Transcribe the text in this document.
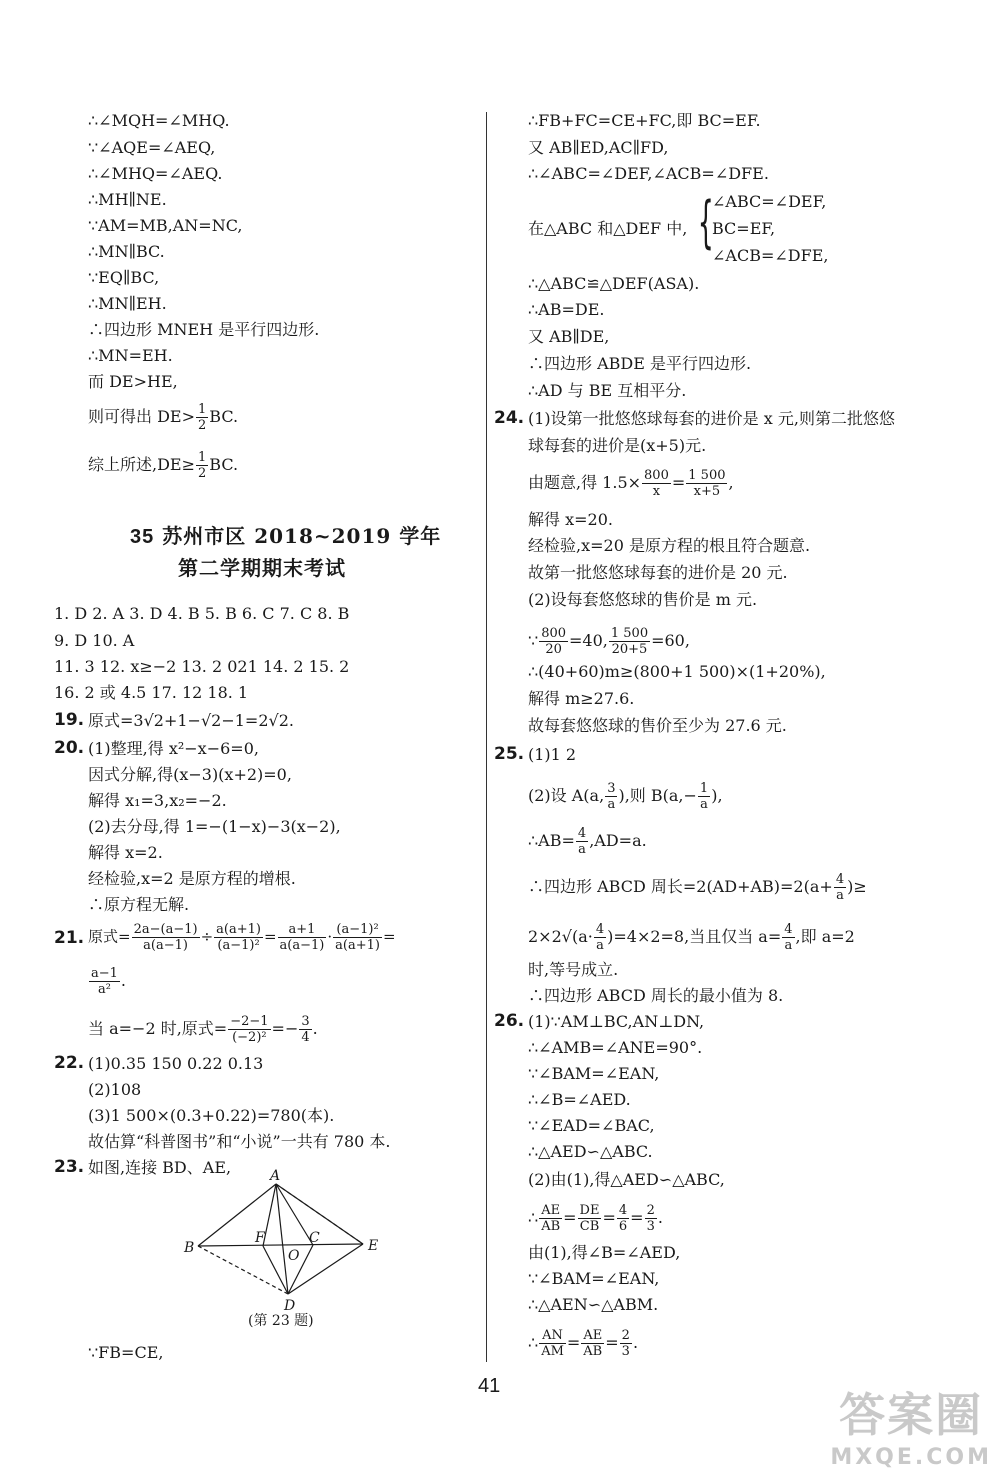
∴∠MQH=∠MHQ.
∵∠AQE=∠AEQ,
∴∠MHQ=∠AEQ.
∴MH∥NE.
∵AM=MB,AN=NC,
∴MN∥BC.
∵EQ∥BC,
∴MN∥EH.
∴四边形 MNEH 是平行四边形.
∴MN=EH.
而 DE>HE,
则可得出 $DE> \frac{1}{2}$ BC.
综上所述$,DE\ge \frac{1}{2}$ BC.
35 苏州市区 2018~2019 学年
第二学期期末考试
1. D 2. A 3. D 4. B 5. B 6. C 7. C 8. B
9. D 10. A
11. 3 12. x≥−2 13. 2 021 14. 2 15. 2
16. 2 或 4.5 17. 12 18. 1
19. 原式=3√2+1−√2−1=2√2.
20. (1)整理,得 x²−x−6=0,
因式分解,得(x−3)(x+2)=0,
解得 x₁=3,x₂=−2.
(2)去分母,得 1=−(1−x)−3(x−2),
解得 x=2.
经检验,x=2 是原方程的增根.
∴原方程无解.
21. 原式= $\frac{2a-(a-1)}{a(a-1)} \div \frac{a(a+1)}{\text{(a−1)²}} = \frac{a+1}{a(a-1)} \cdot \frac{\text{(a−1)²}}{a(a+1)}$ =
$\frac{a-1}{\text{a²}}$ .
当 a=−2 时,原式= $\frac{-2-1}{\text{(−2)²}} =- \frac{3}{4}$ .
22. (1)0.35 150 0.22 0.13
(2)108
(3)1 500×(0.3+0.22)=780(本).
故估算“科普图书”和“小说”一共有 780 本.
23. 如图,连接 BD、AE,	A
B
C
D
E
F
O
(第 23 题)
∵FB=CE,
∴FB+FC=CE+FC,即 BC=EF.
又 AB∥ED,AC∥FD,
∴∠ABC=∠DEF,∠ACB=∠DFE.
在△ABC 和△DEF 中, {
∠ABC=∠DEF,
BC=EF,
∠ACB=∠DFE,
∴△ABC≌△DEF(ASA).
∴AB=DE.
又 AB∥DE,
∴四边形 ABDE 是平行四边形.
∴AD 与 BE 互相平分.
24. (1)设第一批悠悠球每套的进价是 x 元,则第二批悠悠
球每套的进价是(x+5)元.
由题意,得 $1.5\times \frac{800}{x} = \frac{1 500}{x+5}$ ,
解得 x=20.
经检验,x=20 是原方程的根且符合题意.
故第一批悠悠球每套的进价是 20 元.
(2)设每套悠悠球的售价是 m 元.
∵ $\frac{800}{20} =40$, $\frac{1 500}{20+5} =60$,
∴(40+60)m≥(800+1 500)×(1+20%),
解得 m≥27.6.
故每套悠悠球的售价至少为 27.6 元.
25. (1)1 2
(2)设 A(a, $\frac{3}{a}$ ),则 $B(a,- \frac{1}{a}$ ),
∴AB= $\frac{4}{a} ,AD=a$.
∴四边形 ABCD 周长$=2(AD+AB)=2(a+ \frac{4}{a}$ )≥
$2\times 2√(a\cdot \frac{4}{a} )=4\times 2=8$,当且仅当 $a= \frac{4}{a}$ ,即 a=2
时,等号成立.
∴四边形 ABCD 周长的最小值为 8.
26. (1)∵AM⊥BC,AN⊥DN,
∴∠AMB=∠ANE=90°.
∵∠BAM=∠EAN,
∴∠B=∠AED.
∵∠EAD=∠BAC,
∴△AED∽△ABC.
(2)由(1),得△AED∽△ABC,
∴ $\frac{AE}{AB} = \frac{DE}{CB} = \frac{4}{6} = \frac{2}{3}$ .
由(1),得∠B=∠AED,
∵∠BAM=∠EAN,
∴△AEN∽△ABM.
∴ $\frac{AN}{AM} = \frac{AE}{AB} = \frac{2}{3}$ .
41
答案圈
MXQE.COM
